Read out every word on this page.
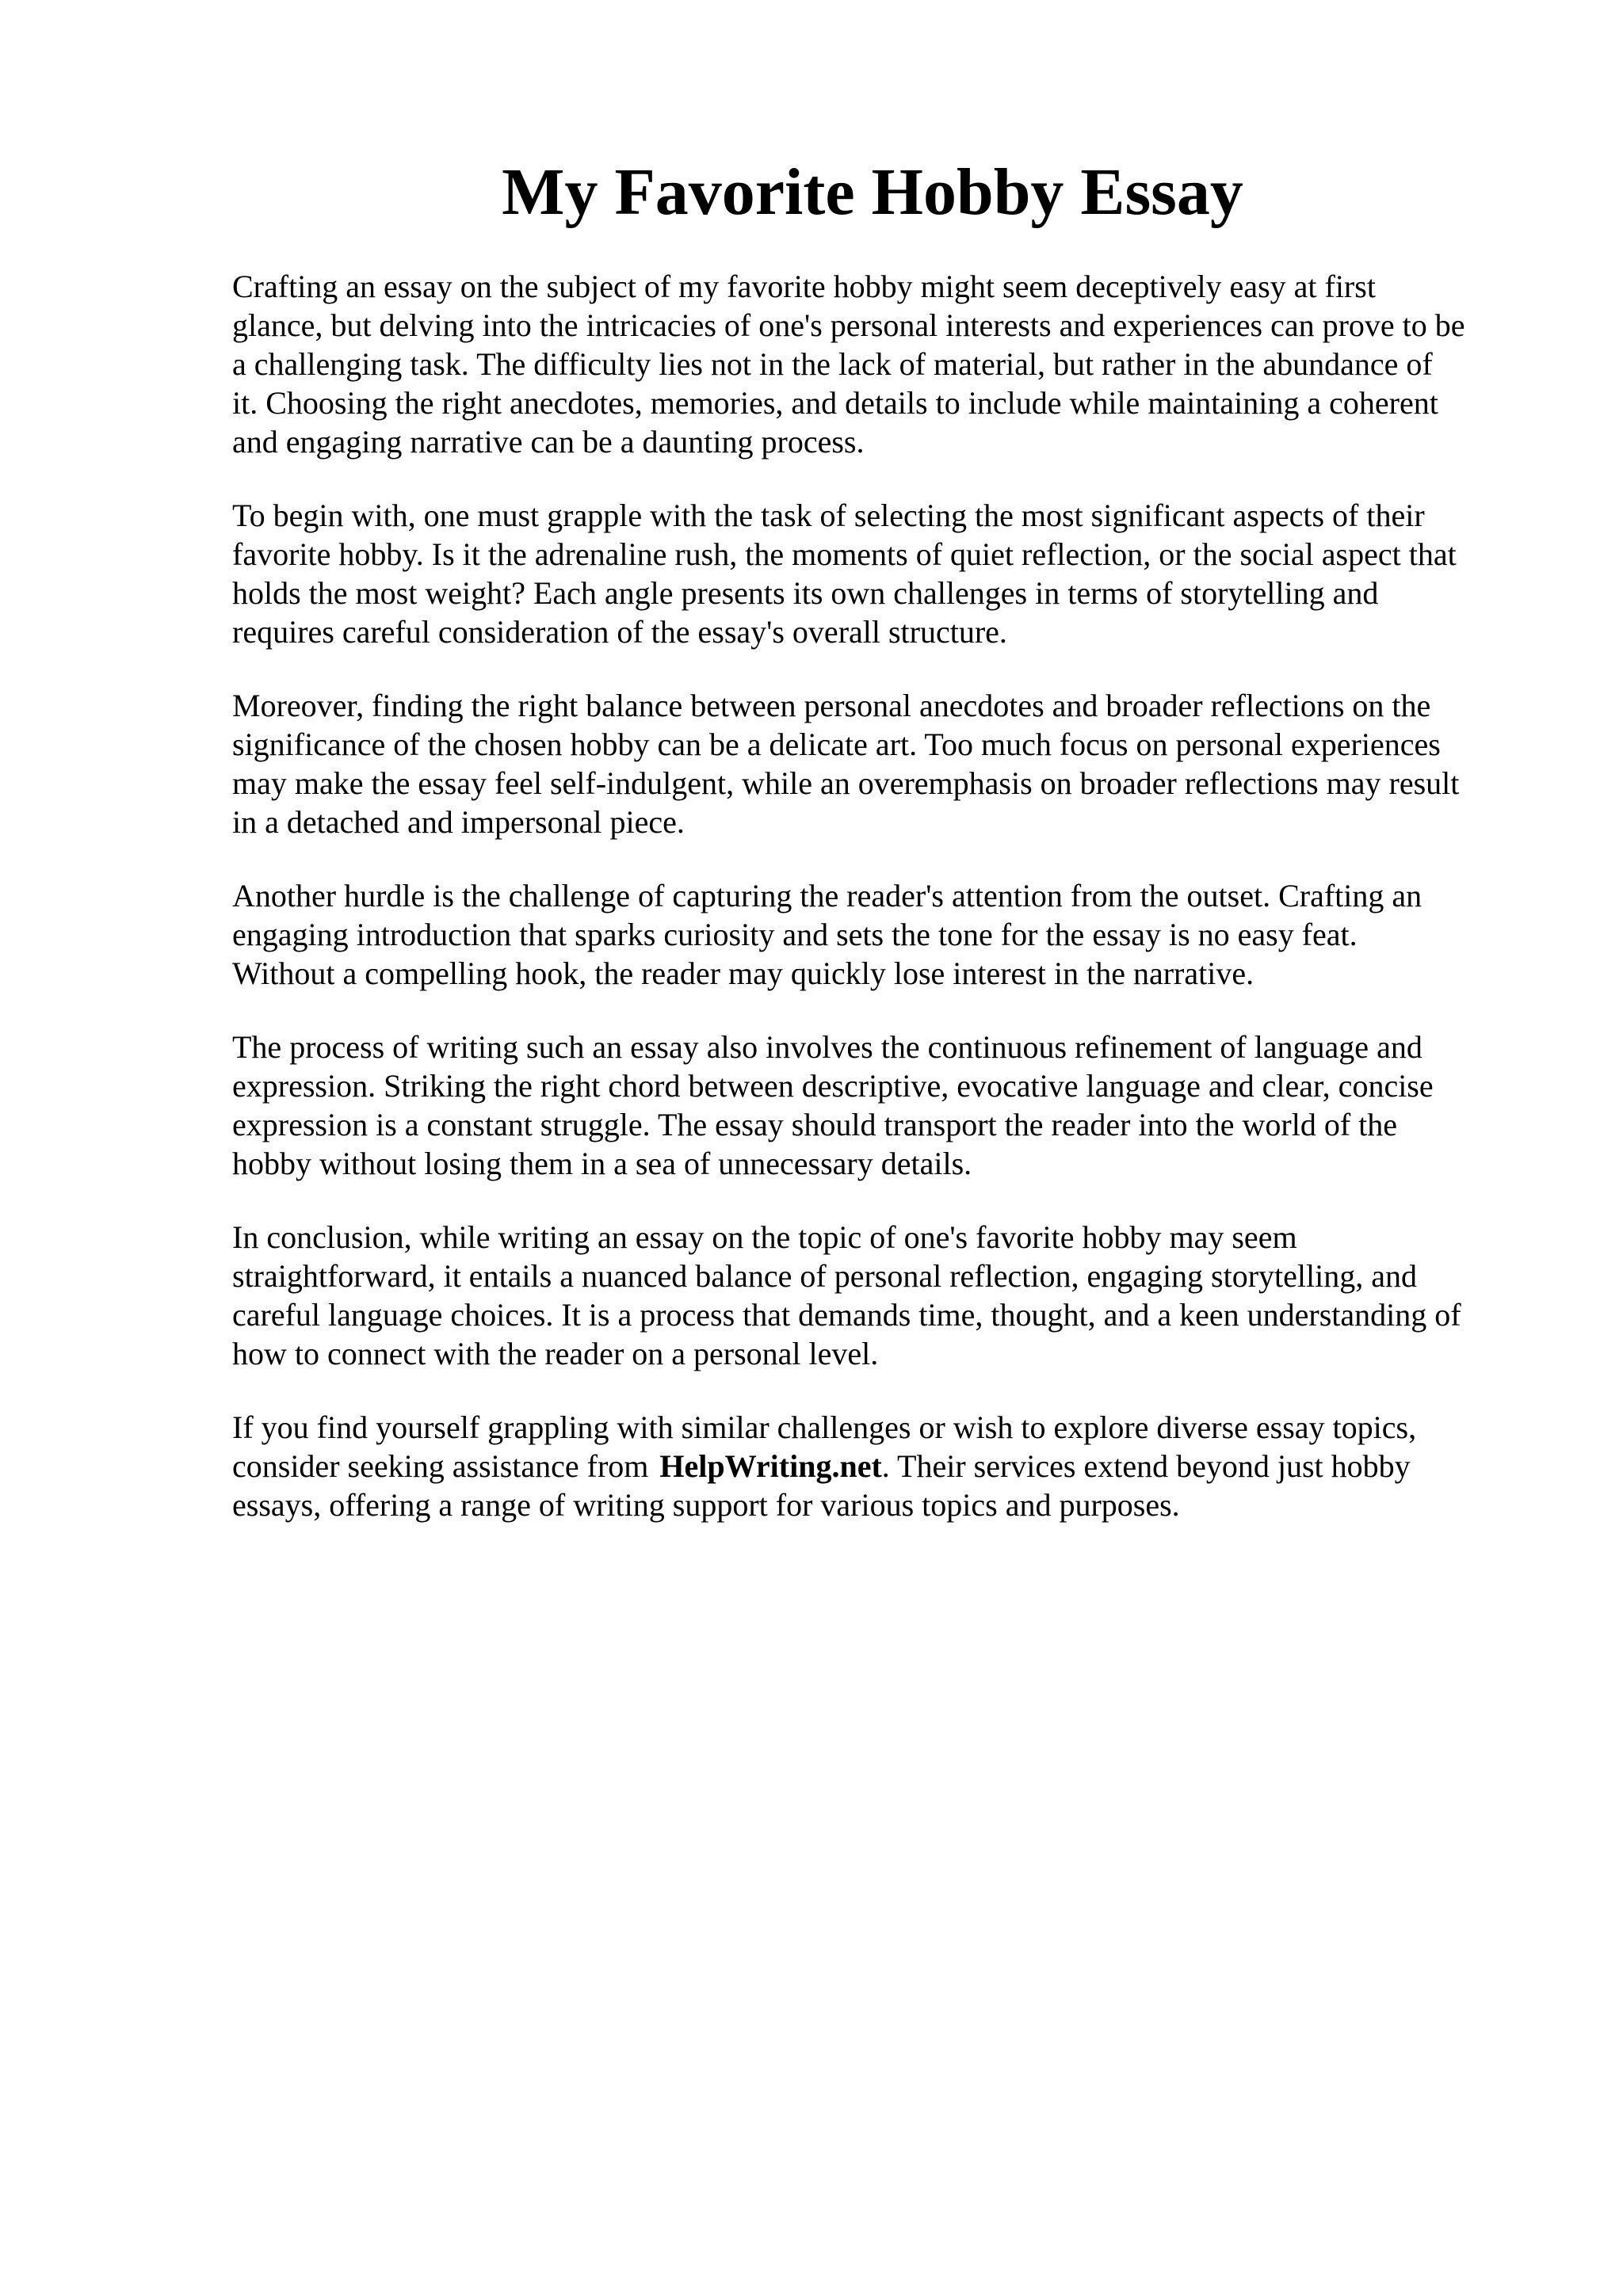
My Favorite Hobby Essay

Crafting an essay on the subject of my favorite hobby might seem deceptively easy at first
glance, but delving into the intricacies of one's personal interests and experiences can prove to be
a challenging task. The difficulty lies not in the lack of material, but rather in the abundance of
it. Choosing the right anecdotes, memories, and details to include while maintaining a coherent
and engaging narrative can be a daunting process.

To begin with, one must grapple with the task of selecting the most significant aspects of their
favorite hobby. Is it the adrenaline rush, the moments of quiet reflection, or the social aspect that
holds the most weight? Each angle presents its own challenges in terms of storytelling and
requires careful consideration of the essay's overall structure.

Moreover, finding the right balance between personal anecdotes and broader reflections on the
significance of the chosen hobby can be a delicate art. Too much focus on personal experiences
may make the essay feel self-indulgent, while an overemphasis on broader reflections may result
in a detached and impersonal piece.

Another hurdle is the challenge of capturing the reader's attention from the outset. Crafting an
engaging introduction that sparks curiosity and sets the tone for the essay is no easy feat.
Without a compelling hook, the reader may quickly lose interest in the narrative.

The process of writing such an essay also involves the continuous refinement of language and
expression. Striking the right chord between descriptive, evocative language and clear, concise
expression is a constant struggle. The essay should transport the reader into the world of the
hobby without losing them in a sea of unnecessary details.

In conclusion, while writing an essay on the topic of one's favorite hobby may seem
straightforward, it entails a nuanced balance of personal reflection, engaging storytelling, and
careful language choices. It is a process that demands time, thought, and a keen understanding of
how to connect with the reader on a personal level.

If you find yourself grappling with similar challenges or wish to explore diverse essay topics,
consider seeking assistance from HelpWriting.net. Their services extend beyond just hobby
essays, offering a range of writing support for various topics and purposes.
